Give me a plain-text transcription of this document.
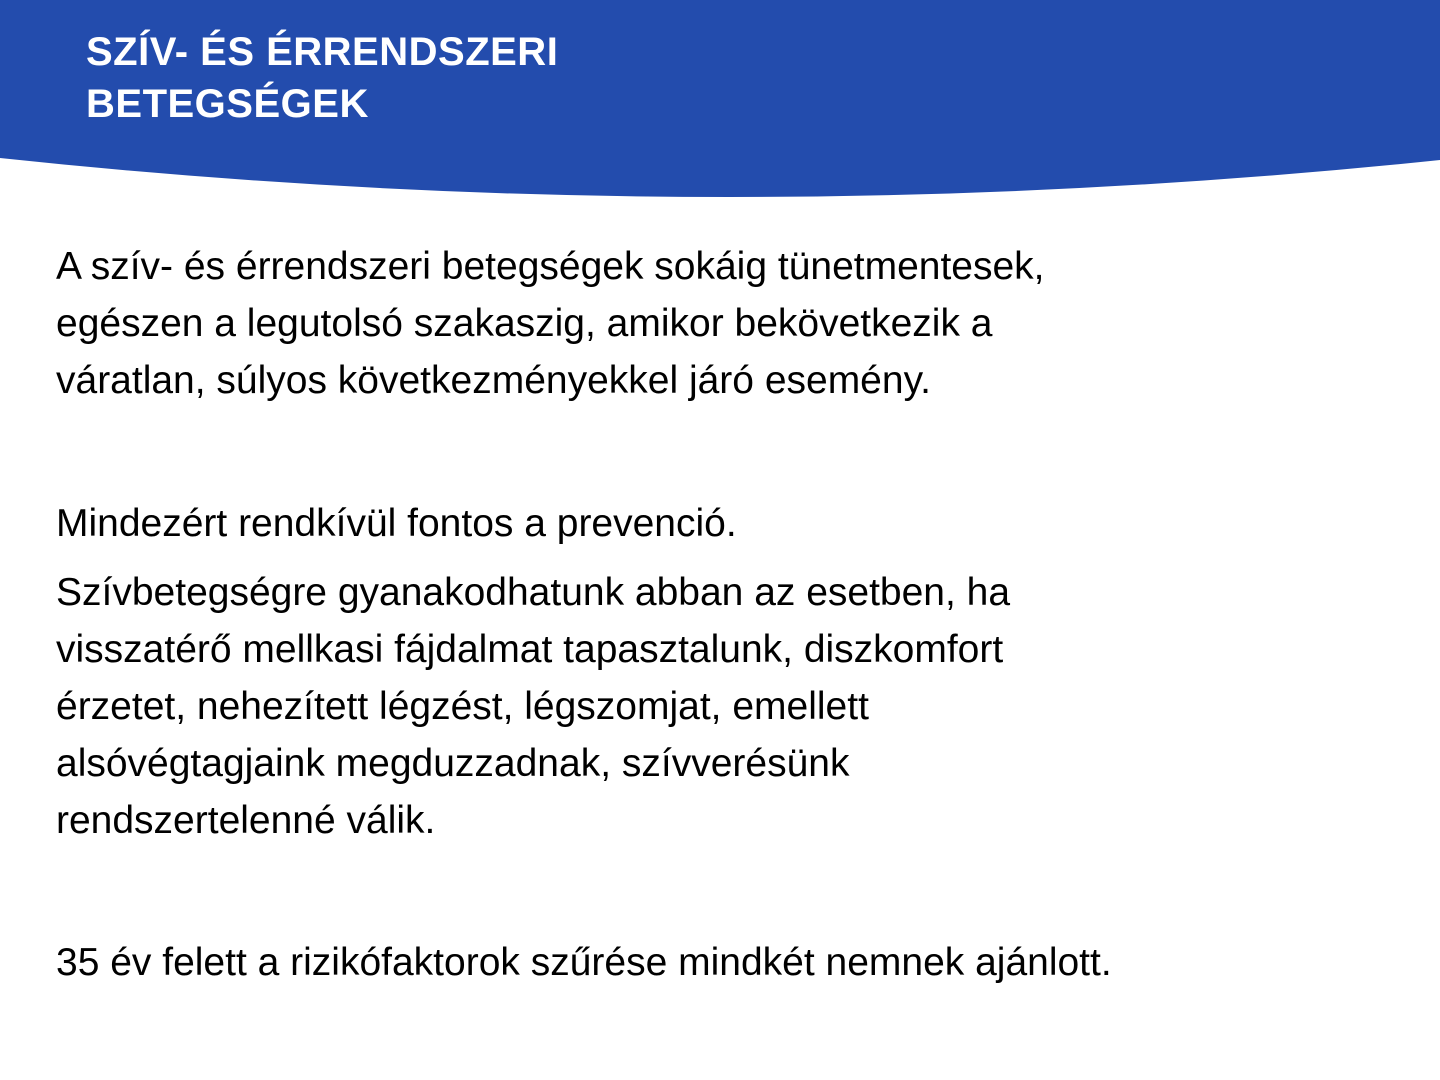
SZÍV- ÉS ÉRRENDSZERI
BETEGSÉGEK

A szív- és érrendszeri betegségek sokáig tünetmentesek,
egészen a legutolsó szakaszig, amikor bekövetkezik a
váratlan, súlyos következményekkel járó esemény.

Mindezért rendkívül fontos a prevenció.

Szívbetegségre gyanakodhatunk abban az esetben, ha
visszatérő mellkasi fájdalmat tapasztalunk, diszkomfort
érzetet, nehezített légzést, légszomjat, emellett
alsóvégtagjaink megduzzadnak, szívverésünk
rendszertelenné válik.

35 év felett a rizikófaktorok szűrése mindkét nemnek ajánlott.
